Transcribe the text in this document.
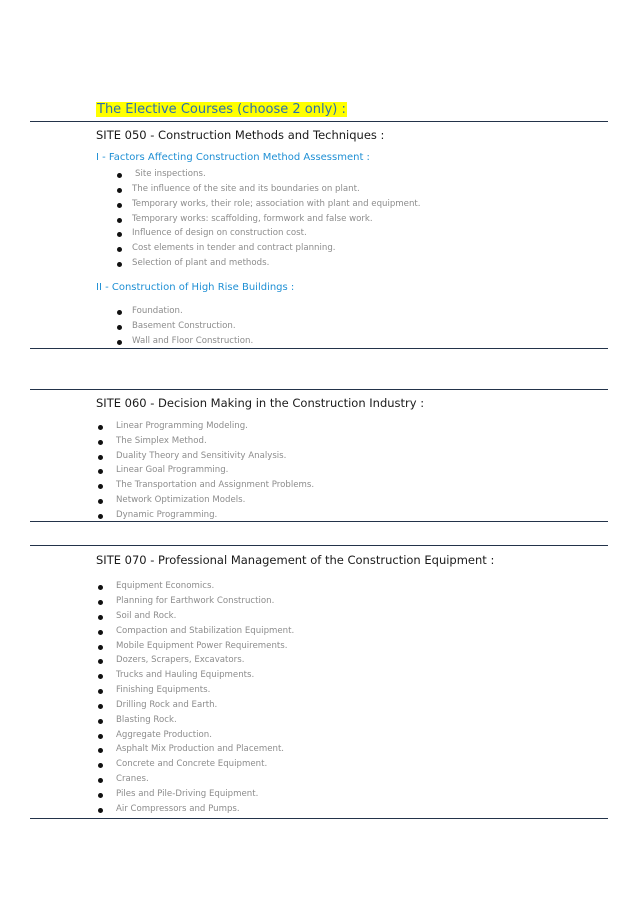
The Elective Courses (choose 2 only) :
SITE 050 - Construction Methods and Techniques :
I - Factors Affecting Construction Method Assessment :
Site inspections.
The influence of the site and its boundaries on plant.
Temporary works, their role; association with plant and equipment.
Temporary works: scaffolding, formwork and false work.
Influence of design on construction cost.
Cost elements in tender and contract planning.
Selection of plant and methods.
II - Construction of High Rise Buildings :
Foundation.
Basement Construction.
Wall and Floor Construction.
SITE 060 - Decision Making in the Construction Industry :
Linear Programming Modeling.
The Simplex Method.
Duality Theory and Sensitivity Analysis.
Linear Goal Programming.
The Transportation and Assignment Problems.
Network Optimization Models.
Dynamic Programming.
SITE 070 - Professional Management of the Construction Equipment :
Equipment Economics.
Planning for Earthwork Construction.
Soil and Rock.
Compaction and Stabilization Equipment.
Mobile Equipment Power Requirements.
Dozers, Scrapers, Excavators.
Trucks and Hauling Equipments.
Finishing Equipments.
Drilling Rock and Earth.
Blasting Rock.
Aggregate Production.
Asphalt Mix Production and Placement.
Concrete and Concrete Equipment.
Cranes.
Piles and Pile-Driving Equipment.
Air Compressors and Pumps.
